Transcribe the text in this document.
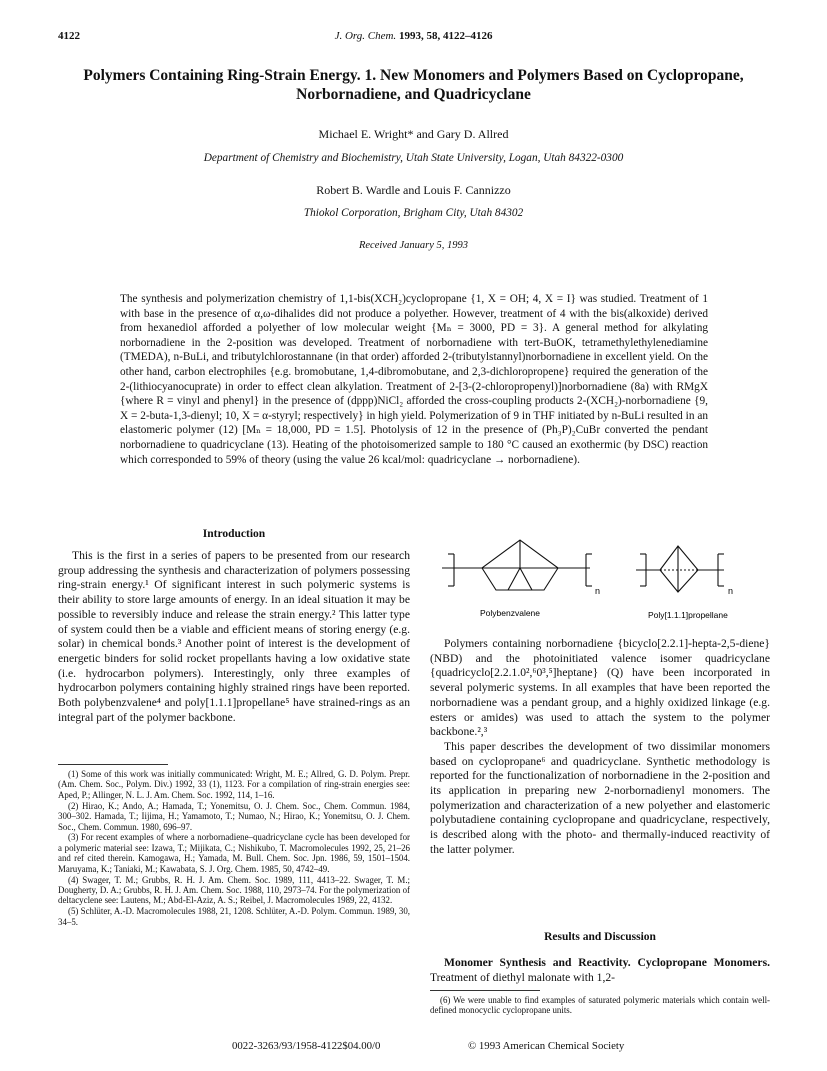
4122	J. Org. Chem. 1993, 58, 4122–4126
Polymers Containing Ring-Strain Energy. 1. New Monomers and Polymers Based on Cyclopropane, Norbornadiene, and Quadricyclane
Michael E. Wright* and Gary D. Allred
Department of Chemistry and Biochemistry, Utah State University, Logan, Utah 84322-0300
Robert B. Wardle and Louis F. Cannizzo
Thiokol Corporation, Brigham City, Utah 84302
Received January 5, 1993
The synthesis and polymerization chemistry of 1,1-bis(XCH₂)cyclopropane {1, X = OH; 4, X = I} was studied. Treatment of 1 with base in the presence of α,ω-dihalides did not produce a polyether. However, treatment of 4 with the bis(alkoxide) derived from hexanediol afforded a polyether of low molecular weight {Mₙ = 3000, PD = 3}. A general method for alkylating norbornadiene in the 2-position was developed. Treatment of norbornadiene with tert-BuOK, tetramethylethylenediamine (TMEDA), n-BuLi, and tributylchlorostannane (in that order) afforded 2-(tributylstannyl)norbornadiene in excellent yield. On the other hand, carbon electrophiles {e.g. bromobutane, 1,4-dibromobutane, and 2,3-dichloropropene} required the generation of the 2-(lithiocyanocuprate) in order to effect clean alkylation. Treatment of 2-[3-(2-chloropropenyl)]norbornadiene (8a) with RMgX {where R = vinyl and phenyl} in the presence of (dppp)NiCl₂ afforded the cross-coupling products 2-(XCH₂)-norbornadiene {9, X = 2-buta-1,3-dienyl; 10, X = α-styryl; respectively} in high yield. Polymerization of 9 in THF initiated by n-BuLi resulted in an elastomeric polymer (12) [Mₙ = 18,000, PD = 1.5]. Photolysis of 12 in the presence of (Ph₃P)₂CuBr converted the pendant norbornadiene to quadricyclane (13). Heating of the photoisomerized sample to 180 °C caused an exothermic (by DSC) reaction which corresponded to 59% of theory (using the value 26 kcal/mol: quadricyclane → norbornadiene).
Introduction

This is the first in a series of papers to be presented from our research group addressing the synthesis and characterization of polymers possessing ring-strain energy.¹ Of significant interest in such polymeric systems is their ability to store large amounts of energy. In an ideal situation it may be possible to reversibly induce and release the strain energy.² This latter type of system could then be a viable and efficient means of storing energy (e.g. solar) in chemical bonds.³ Another point of interest is the development of energetic binders for solid rocket propellants having a low oxidative state (i.e. hydrocarbon polymers). Interestingly, only three examples of hydrocarbon polymers containing highly strained rings have been reported. Both polybenzvalene⁴ and poly[1.1.1]propellane⁵ have strained-rings as an integral part of the polymer backbone.

(1) Some of this work was initially communicated: Wright, M. E.; Allred, G. D. Polym. Prepr. (Am. Chem. Soc., Polym. Div.) 1992, 33 (1), 1123. For a compilation of ring-strain energies see: Aped, P.; Allinger, N. L. J. Am. Chem. Soc. 1992, 114, 1–16.

(2) Hirao, K.; Ando, A.; Hamada, T.; Yonemitsu, O. J. Chem. Soc., Chem. Commun. 1984, 300–302. Hamada, T.; Iijima, H.; Yamamoto, T.; Numao, N.; Hirao, K.; Yonemitsu, O. J. Chem. Soc., Chem. Commun. 1980, 696–97.

(3) For recent examples of where a norbornadiene–quadricyclane cycle has been developed for a polymeric material see: Izawa, T.; Mijikata, C.; Nishikubo, T. Macromolecules 1992, 25, 21–26 and ref cited therein. Kamogawa, H.; Yamada, M. Bull. Chem. Soc. Jpn. 1986, 59, 1501–1504. Maruyama, K.; Taniaki, M.; Kawabata, S. J. Org. Chem. 1985, 50, 4742–49.

(4) Swager, T. M.; Grubbs, R. H. J. Am. Chem. Soc. 1989, 111, 4413–22. Swager, T. M.; Dougherty, D. A.; Grubbs, R. H. J. Am. Chem. Soc. 1988, 110, 2973–74. For the polymerization of deltacyclene see: Lautens, M.; Abd-El-Aziz, A. S.; Reibel, J. Macromolecules 1989, 22, 4132.

(5) Schlüter, A.-D. Macromolecules 1988, 21, 1208. Schlüter, A.-D. Polym. Commun. 1989, 30, 34–5.

n	n
Polybenzvalene	Poly[1.1.1]propellane

Polymers containing norbornadiene {bicyclo[2.2.1]-hepta-2,5-diene} (NBD) and the photoinitiated valence isomer quadricyclane {quadricyclo[2.2.1.0²,⁶0³,⁵]heptane} (Q) have been incorporated in several polymeric systems. In all examples that have been reported the norbornadiene was a pendant group, and a highly oxidized linkage (e.g. esters or amides) was used to attach the system to the polymer backbone.²,³

This paper describes the development of two dissimilar monomers based on cyclopropane⁶ and quadricyclane. Synthetic methodology is reported for the functionalization of norbornadiene in the 2-position and its application in preparing new 2-norbornadienyl monomers. The polymerization and characterization of a new polyether and elastomeric polybutadiene containing cyclopropane and quadricyclane, respectively, is described along with the photo- and thermally-induced reactivity of the latter polymer.

Results and Discussion

Monomer Synthesis and Reactivity. Cyclopropane Monomers. Treatment of diethyl malonate with 1,2-

(6) We were unable to find examples of saturated polymeric materials which contain well-defined monocyclic cyclopropane units.

0022-3263/93/1958-4122$04.00/0	© 1993 American Chemical Society
